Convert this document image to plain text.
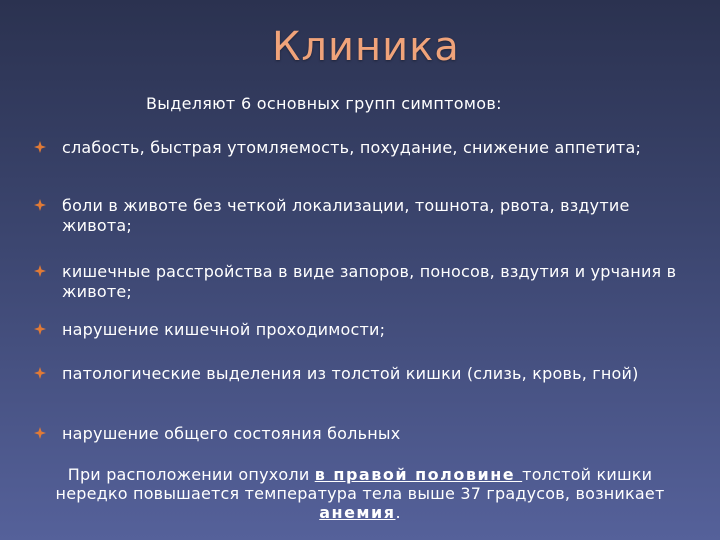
Клиника
Выделяют 6 основных групп симптомов:
слабость, быстрая утомляемость, похудание, снижение аппетита;
боли в животе без четкой локализации, тошнота, рвота, вздутие живота;
кишечные расстройства в виде запоров, поносов, вздутия и урчания в животе;
нарушение кишечной проходимости;
патологические выделения из толстой кишки (слизь, кровь, гной)
нарушение общего состояния больных
При расположении опухоли в правой половине толстой кишки нередко повышается температура тела выше 37 градусов, возникает анемия.
